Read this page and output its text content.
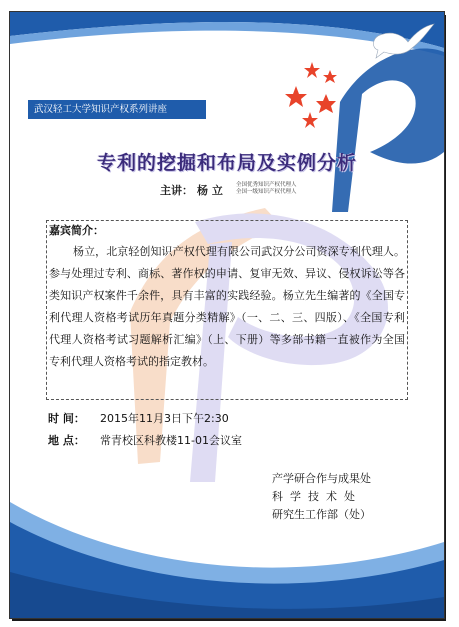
武汉轻工大学知识产权系列讲座
专利的挖掘和布局及实例分析
主讲： 杨 立 全国优秀知识产权代理人
全国一级知识产权代理人
嘉宾简介：

杨立，北京轻创知识产权代理有限公司武汉分公司资深专利代理人。参与处理过专利、商标、著作权的申请、复审无效、异议、侵权诉讼等各类知识产权案件千余件，具有丰富的实践经验。杨立先生编著的《全国专利代理人资格考试历年真题分类精解》（一、二、三、四版）、《全国专利代理人资格考试习题解析汇编》（上、下册）等多部书籍一直被作为全国专利代理人资格考试的指定教材。

时 间： 2015年11月3日下午2:30
地 点： 常青校区科教楼11-01会议室
产学研合作与成果处
科学技术处
研究生工作部（处）
